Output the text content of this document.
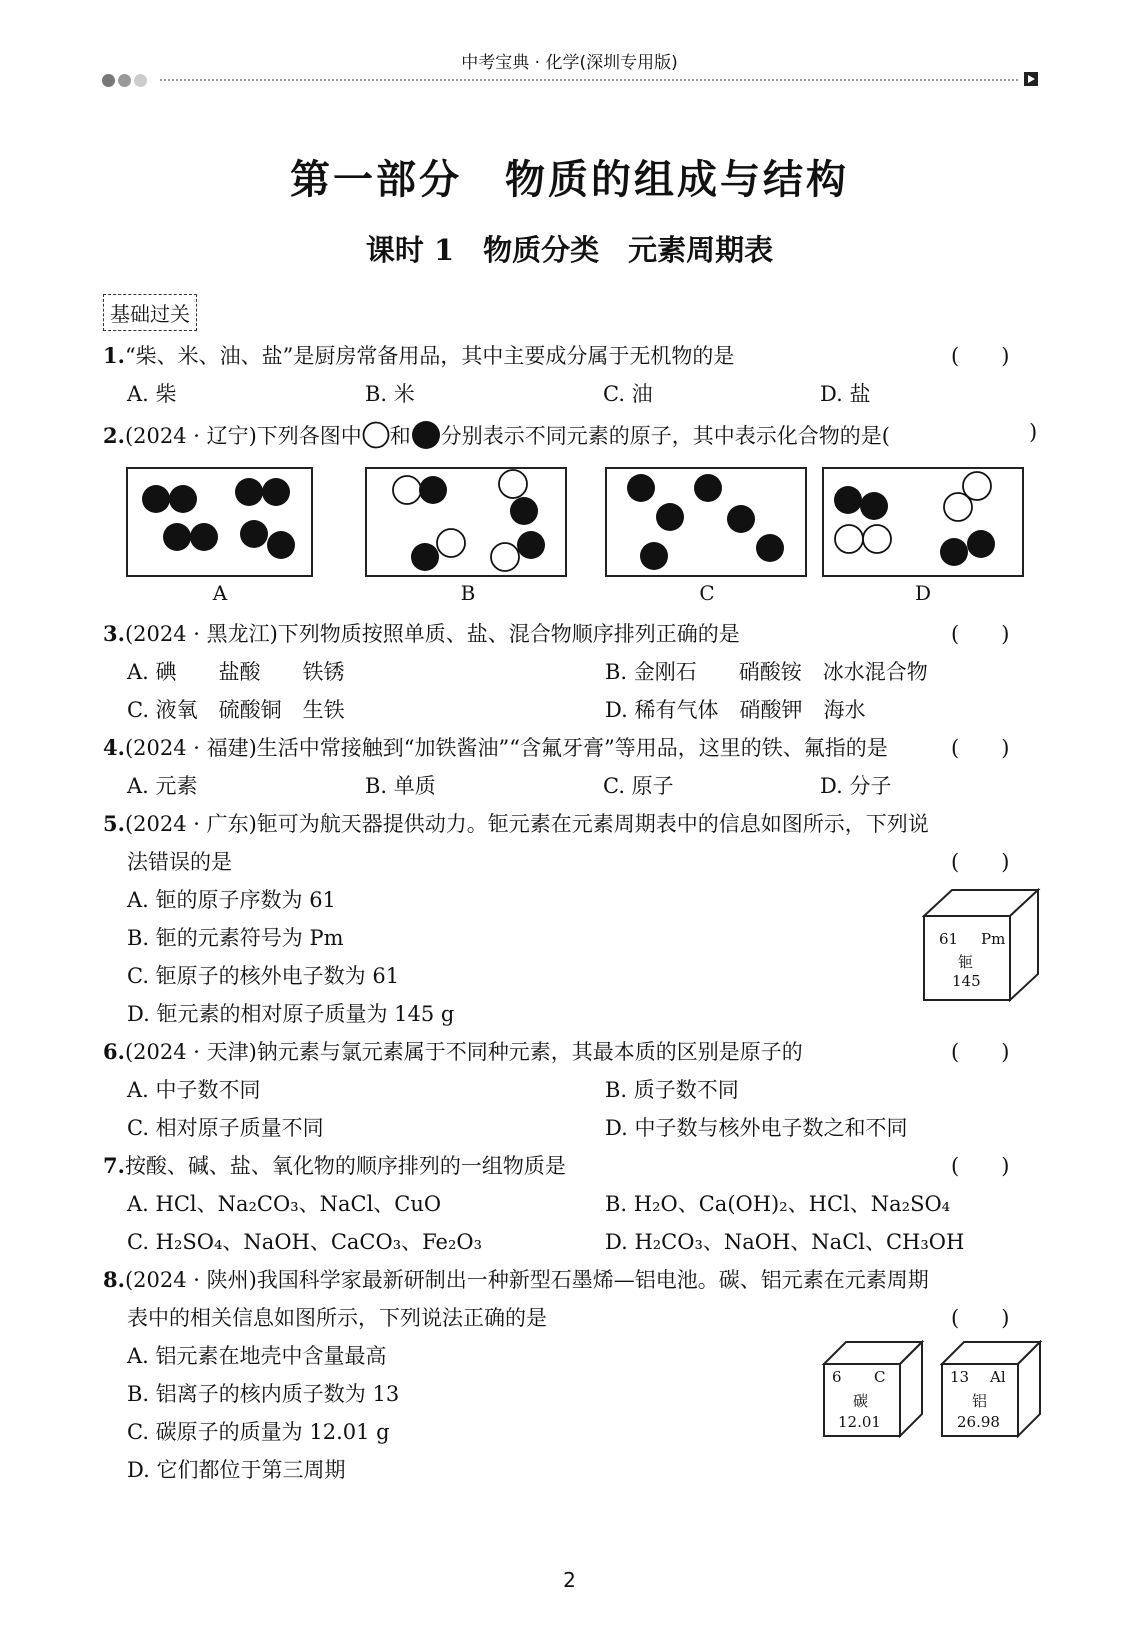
中考宝典 · 化学(深圳专用版)
第一部分　物质的组成与结构
课时 1　物质分类　元素周期表
基础过关
1.“柴、米、油、盐”是厨房常备用品，其中主要成分属于无机物的是	(　　)
A. 柴	B. 米	C. 油	D. 盐
2.(2024 · 辽宁)下列各图中 和 分别表示不同元素的原子，其中表示化合物的是(	)
A	B	C	D
3.(2024 · 黑龙江)下列物质按照单质、盐、混合物顺序排列正确的是	(　　)
A. 碘　　盐酸　　铁锈	B. 金刚石　　硝酸铵　冰水混合物
C. 液氧　硫酸铜　生铁	D. 稀有气体　硝酸钾　海水
4.(2024 · 福建)生活中常接触到“加铁酱油”“含氟牙膏”等用品，这里的铁、氟指的是	(　　)
A. 元素	B. 单质	C. 原子	D. 分子
5.(2024 · 广东)钷可为航天器提供动力。钷元素在元素周期表中的信息如图所示，下列说
法错误的是	(　　)
A. 钷的原子序数为 61
B. 钷的元素符号为 Pm
C. 钷原子的核外电子数为 61
D. 钷元素的相对原子质量为 145 g
61 Pm
钷
145
6.(2024 · 天津)钠元素与氯元素属于不同种元素，其最本质的区别是原子的	(　　)
A. 中子数不同	B. 质子数不同
C. 相对原子质量不同	D. 中子数与核外电子数之和不同
7.按酸、碱、盐、氧化物的顺序排列的一组物质是	(　　)
A. HCl、Na₂CO₃、NaCl、CuO	B. H₂O、Ca(OH)₂、HCl、Na₂SO₄
C. H₂SO₄、NaOH、CaCO₃、Fe₂O₃	D. H₂CO₃、NaOH、NaCl、CH₃OH
8.(2024 · 陕州)我国科学家最新研制出一种新型石墨烯—铝电池。碳、铝元素在元素周期
表中的相关信息如图所示，下列说法正确的是	(　　)
A. 铝元素在地壳中含量最高
B. 铝离子的核内质子数为 13
C. 碳原子的质量为 12.01 g
D. 它们都位于第三周期
6 C
碳
12.01
13 Al
铝
26.98
2
